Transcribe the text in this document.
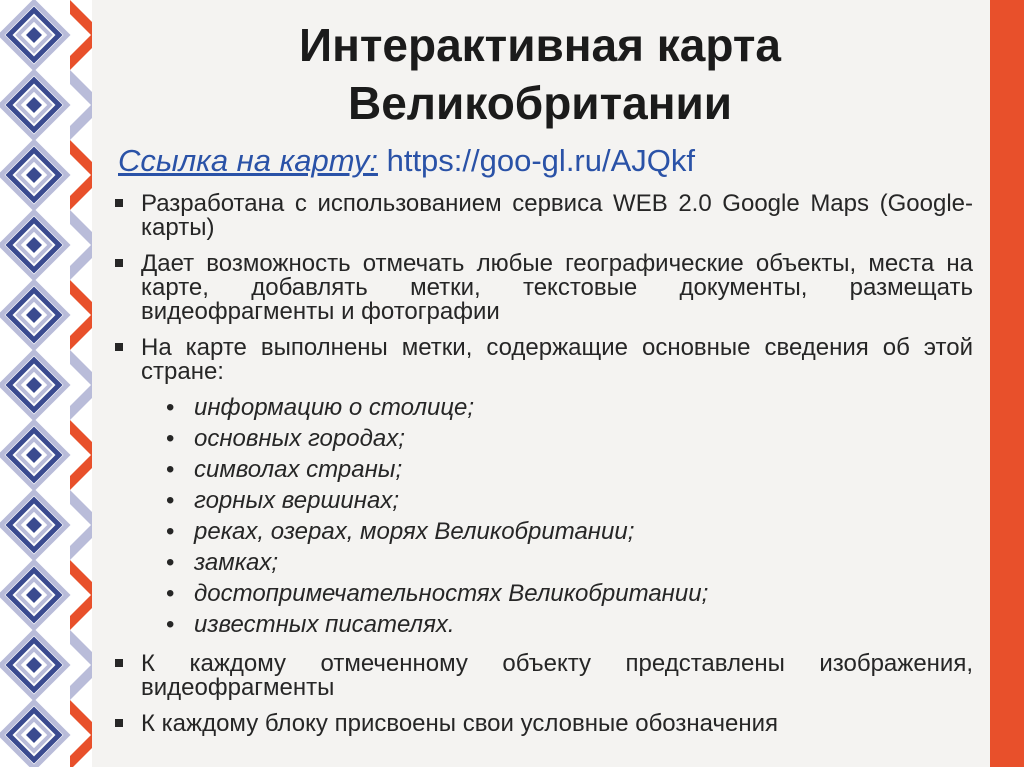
Интерактивная карта
Великобритании
Ссылка на карту: https://goo-gl.ru/AJQkf
Разработана с использованием сервиса WEB 2.0 Google Maps (Google-карты)
Дает возможность отмечать любые географические объекты, места на карте, добавлять метки, текстовые документы, размещать видеофрагменты и фотографии
На карте выполнены метки, содержащие основные сведения об этой стране:
• информацию о столице;
• основных городах;
• символах страны;
• горных вершинах;
• реках, озерах, морях Великобритании;
• замках;
• достопримечательностях Великобритании;
• известных писателях.
К каждому отмеченному объекту представлены изображения, видеофрагменты
К каждому блоку присвоены свои условные обозначения
